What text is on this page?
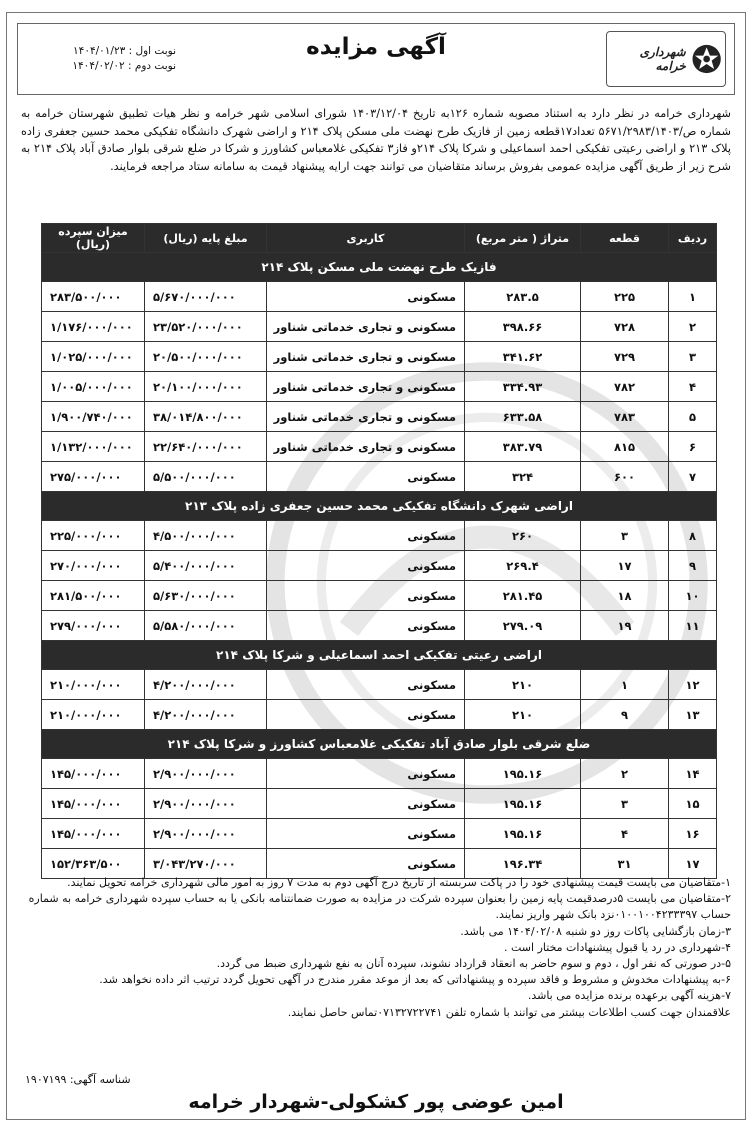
شهرداری خرامه
آگهی مزایده
نوبت اول : ۱۴۰۴/۰۱/۲۳
نوبت دوم : ۱۴۰۴/۰۲/۰۲
شهرداری خرامه در نظر دارد به استناد مصوبه شماره ۱۲۶به تاریخ ۱۴۰۳/۱۲/۰۴ شورای اسلامی شهر خرامه و نظر هیات تطبیق شهرستان خرامه به شماره ص/۵۶۷۱/۲۹۸۳/۱۴۰۳ تعداد۱۷قطعه زمین از فازیک طرح نهضت ملی مسکن پلاک ۲۱۴ و اراضی شهرک دانشگاه تفکیکی محمد حسین جعفری زاده پلاک ۲۱۳ و اراضی رعیتی تفکیکی احمد اسماعیلی و شرکا پلاک ۲۱۴و فاز۳ تفکیکی غلامعباس کشاورز و شرکا در ضلع شرقی بلوار صادق آباد پلاک ۲۱۴ به شرح زیر از طریق آگهی مزایده عمومی بفروش برساند متقاضیان می توانند جهت ارایه پیشنهاد قیمت به سامانه ستاد مراجعه فرمایند.
ردیف	قطعه	متراژ ( متر مربع)	کاربری	مبلغ پایه (ریال)	میزان سپرده (ریال)
فازیک طرح نهضت ملی مسکن پلاک ۲۱۴					
۱	۲۲۵	۲۸۳.۵	مسکونی	۵/۶۷۰/۰۰۰/۰۰۰	۲۸۳/۵۰۰/۰۰۰
۲	۷۲۸	۳۹۸.۶۶	مسکونی و تجاری خدماتی شناور	۲۳/۵۲۰/۰۰۰/۰۰۰	۱/۱۷۶/۰۰۰/۰۰۰
۳	۷۲۹	۳۴۱.۶۲	مسکونی و تجاری خدماتی شناور	۲۰/۵۰۰/۰۰۰/۰۰۰	۱/۰۲۵/۰۰۰/۰۰۰
۴	۷۸۲	۳۳۴.۹۳	مسکونی و تجاری خدماتی شناور	۲۰/۱۰۰/۰۰۰/۰۰۰	۱/۰۰۵/۰۰۰/۰۰۰
۵	۷۸۳	۶۳۳.۵۸	مسکونی و تجاری خدماتی شناور	۳۸/۰۱۴/۸۰۰/۰۰۰	۱/۹۰۰/۷۴۰/۰۰۰
۶	۸۱۵	۳۸۳.۷۹	مسکونی و تجاری خدماتی شناور	۲۲/۶۴۰/۰۰۰/۰۰۰	۱/۱۳۲/۰۰۰/۰۰۰
۷	۶۰۰	۳۲۴	مسکونی	۵/۵۰۰/۰۰۰/۰۰۰	۲۷۵/۰۰۰/۰۰۰
اراضی شهرک دانشگاه تفکیکی محمد حسین جعفری زاده پلاک ۲۱۳					
۸	۳	۲۶۰	مسکونی	۴/۵۰۰/۰۰۰/۰۰۰	۲۲۵/۰۰۰/۰۰۰
۹	۱۷	۲۶۹.۴	مسکونی	۵/۴۰۰/۰۰۰/۰۰۰	۲۷۰/۰۰۰/۰۰۰
۱۰	۱۸	۲۸۱.۴۵	مسکونی	۵/۶۳۰/۰۰۰/۰۰۰	۲۸۱/۵۰۰/۰۰۰
۱۱	۱۹	۲۷۹.۰۹	مسکونی	۵/۵۸۰/۰۰۰/۰۰۰	۲۷۹/۰۰۰/۰۰۰
اراضی رعیتی تفکیکی احمد اسماعیلی و شرکا پلاک ۲۱۴					
۱۲	۱	۲۱۰	مسکونی	۴/۲۰۰/۰۰۰/۰۰۰	۲۱۰/۰۰۰/۰۰۰
۱۳	۹	۲۱۰	مسکونی	۴/۲۰۰/۰۰۰/۰۰۰	۲۱۰/۰۰۰/۰۰۰
ضلع شرقی بلوار صادق آباد تفکیکی غلامعباس کشاورز و شرکا پلاک ۲۱۴					
۱۴	۲	۱۹۵.۱۶	مسکونی	۲/۹۰۰/۰۰۰/۰۰۰	۱۴۵/۰۰۰/۰۰۰
۱۵	۳	۱۹۵.۱۶	مسکونی	۲/۹۰۰/۰۰۰/۰۰۰	۱۴۵/۰۰۰/۰۰۰
۱۶	۴	۱۹۵.۱۶	مسکونی	۲/۹۰۰/۰۰۰/۰۰۰	۱۴۵/۰۰۰/۰۰۰
۱۷	۳۱	۱۹۶.۳۴	مسکونی	۳/۰۴۳/۲۷۰/۰۰۰	۱۵۲/۳۶۳/۵۰۰

۱-متقاضیان می بایست قیمت پیشنهادی خود را در پاکت سربسته از تاریخ درج آگهی دوم به مدت ۷ روز به امور مالی شهرداری خرامه تحویل نمایند.

۲-متقاضیان می بایست ۵درصدقیمت پایه زمین را بعنوان سپرده شرکت در مزایده به صورت ضمانتنامه بانکی یا به حساب سپرده شهرداری خرامه به شماره حساب ۰۱۰۰۱۰۰۴۲۳۳۳۹۷نزد بانک شهر واریز نمایند.

۳-زمان بازگشایی پاکات روز دو شنبه ۱۴۰۴/۰۲/۰۸ می باشد.

۴-شهرداری در رد یا قبول پیشنهادات مختار است .

۵-در صورتی که نفر اول ، دوم و سوم حاضر به انعقاد قرارداد نشوند، سپرده آنان به نفع شهرداری ضبط می گردد.

۶-به پیشنهادات مخدوش و مشروط و فاقد سپرده و پیشنهاداتی که بعد از موعد مقرر مندرج در آگهی تحویل گردد ترتیب اثر داده نخواهد شد.

۷-هزینه آگهی برعهده برنده مزایده می باشد.

علاقمندان جهت کسب اطلاعات بیشتر می توانند با شماره تلفن ۰۷۱۳۲۷۲۲۷۴۱تماس حاصل نمایند.

شناسه آگهی: ۱۹۰۷۱۹۹
امین عوضی پور کشکولی-شهردار خرامه
